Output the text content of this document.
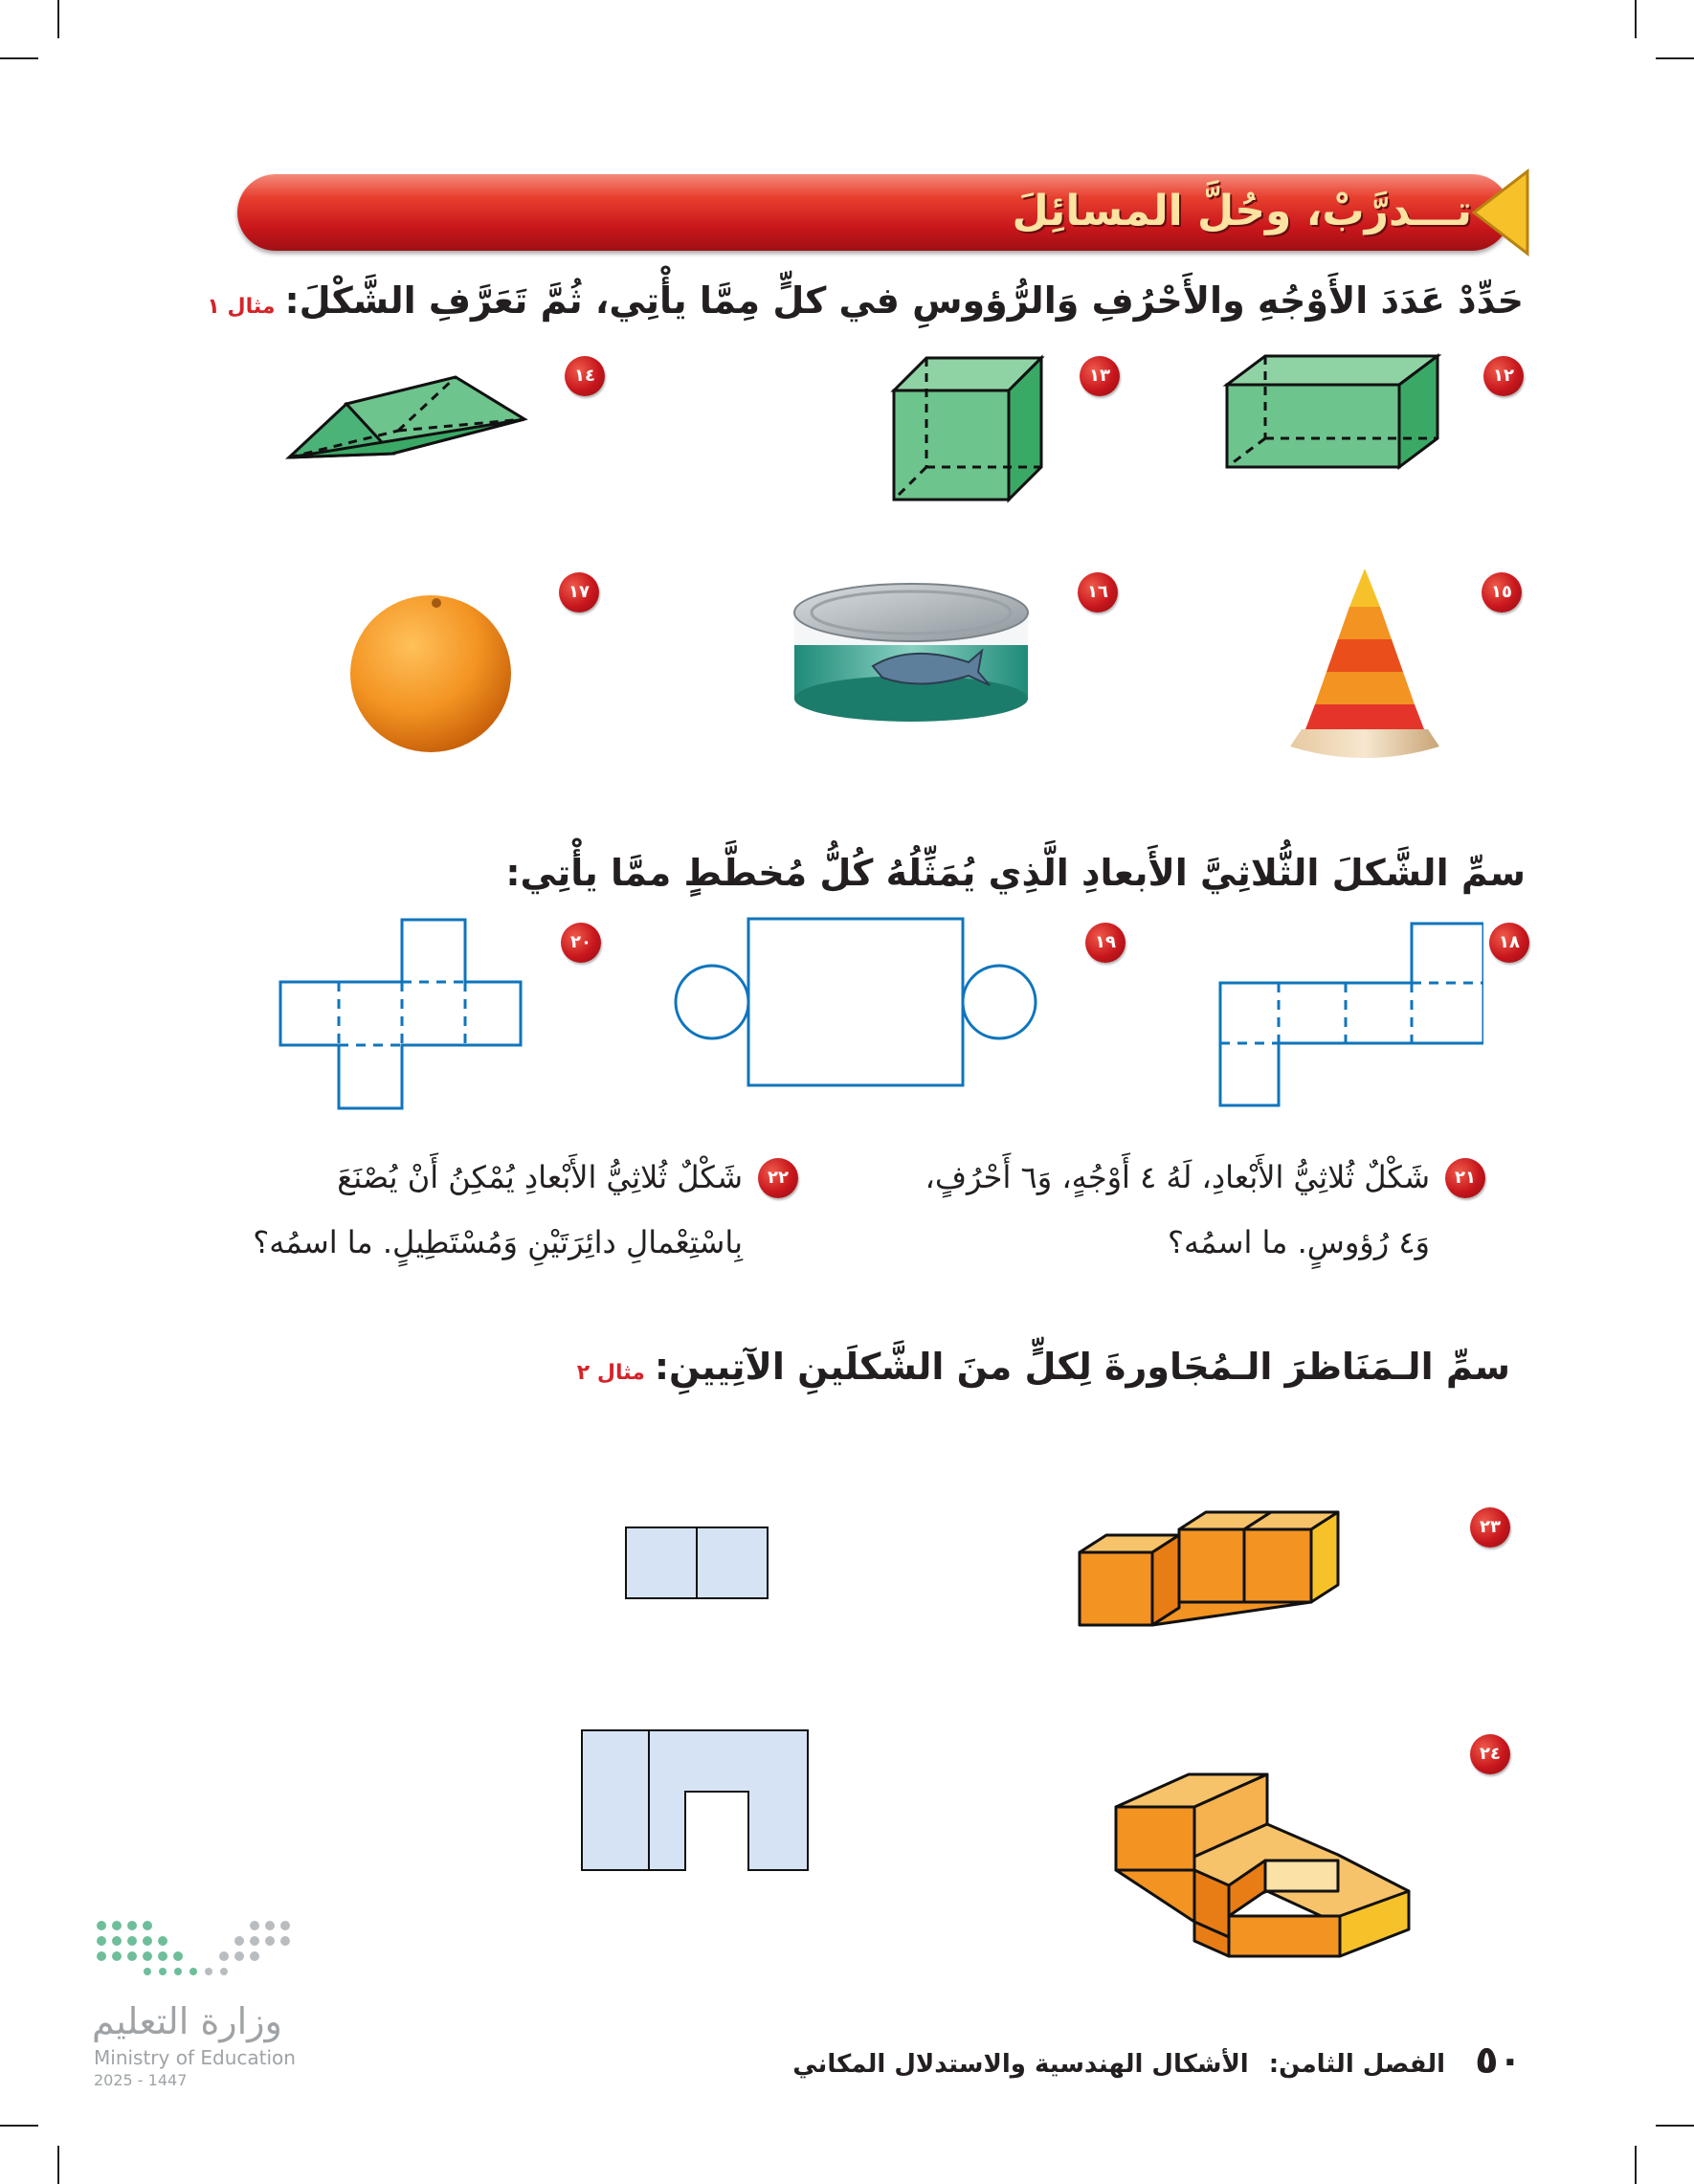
تـــدرَّبْ، وحُلَّ المسائِلَ
حَدِّدْ عَدَدَ الأَوْجُهِ والأَحْرُفِ وَالرُّؤوسِ في كلٍّ مِمَّا يأْتِي، ثُمَّ تَعَرَّفِ الشَّكْلَ:مثال ١
١٢
١٣
١٤
١٥
١٦
١٧
سمِّ الشَّكلَ الثُّلاثِيَّ الأَبعادِ الَّذِي يُمَثِّلُهُ كُلُّ مُخطَّطٍ ممَّا يأْتِي:
١٨
١٩
٢٠
٢١
شَكْلٌ ثُلاثِيُّ الأَبْعادِ، لَهُ ٤ أَوْجُهٍ، وَ٦ أَحْرُفٍ،
وَ٤ رُؤوسٍ. ما اسمُه؟
٢٢
شَكْلٌ ثُلاثِيُّ الأَبْعادِ يُمْكِنُ أَنْ يُصْنَعَ
بِاسْتِعْمالِ دائِرَتَيْنِ وَمُسْتَطِيلٍ. ما اسمُه؟
سمِّ الـمَنَاظرَ الـمُجَاورةَ لِكلٍّ منَ الشَّكلَينِ الآتِيينِ:مثال ٢
٢٣
٢٤
وزارة التعليم
Ministry of Education
2025 - 1447
الفصل الثامن: الأشكال الهندسية والاستدلال المكاني	٥٠
